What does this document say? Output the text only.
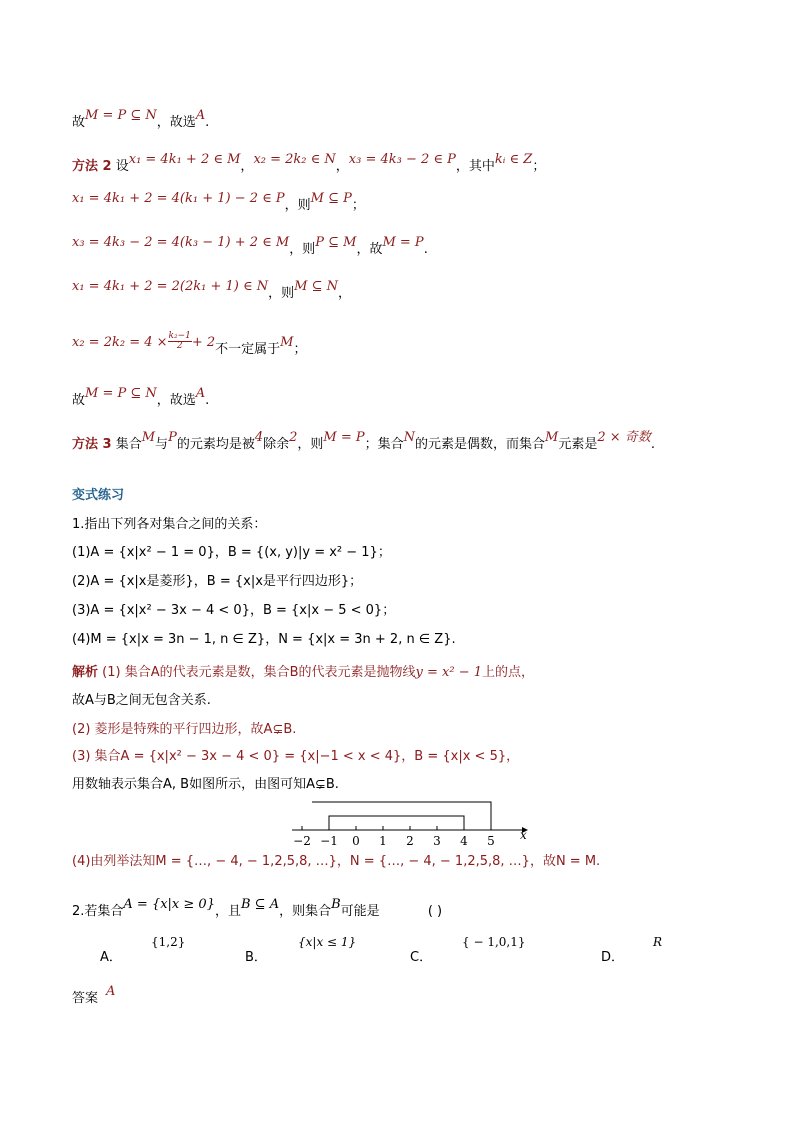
故M = P ⊆ N，故选A.
方法 2 设x₁ = 4k₁ + 2 ∈ M，x₂ = 2k₂ ∈ N，x₃ = 4k₃ − 2 ∈ P，其中kᵢ ∈ Z；
x₁ = 4k₁ + 2 = 4(k₁ + 1) − 2 ∈ P，则M ⊆ P；
x₃ = 4k₃ − 2 = 4(k₃ − 1) + 2 ∈ M，则P ⊆ M，故M = P.
x₁ = 4k₁ + 2 = 2(2k₁ + 1) ∈ N，则M ⊆ N，
$x_2 = 2k_2 = 4 \times \frac{\text{k₂−1}}{2} + 2$不一定属于M；
故M = P ⊆ N，故选A.
方法 3 集合M与P的元素均是被4除余2，则M = P；集合N的元素是偶数，而集合M元素是2 × 奇数.
变式练习
1.指出下列各对集合之间的关系：
(1)A = {x|x² − 1 = 0}，B = {(x, y)|y = x² − 1}；
(2)A = {x|x是菱形}，B = {x|x是平行四边形}；
(3)A = {x|x² − 3x − 4 < 0}，B = {x|x − 5 < 0}；
(4)M = {x|x = 3n − 1, n ∈ Z}，N = {x|x = 3n + 2, n ∈ Z}.
解析 (1) 集合A的代表元素是数，集合B的代表元素是抛物线y = x² − 1上的点，
故A与B之间无包含关系.
(2) 菱形是特殊的平行四边形，故A⊊B.
(3) 集合A = {x|x² − 3x − 4 < 0} = {x|−1 < x < 4}，B = {x|x < 5}，
用数轴表示集合A, B如图所示，由图可知A⊊B.
−2 −1 0 1 2 3 4 5 x
(4)由列举法知M = {…, − 4, − 1,2,5,8, …}，N = {…, − 4, − 1,2,5,8, …}，故N = M.
2.若集合A = {x|x ≥ 0}，且B ⊆ A，则集合B可能是	( )
A．
{1,2}
B．
{x|x ≤ 1}
C．
{ − 1,0,1}
D．
R
答案 A
